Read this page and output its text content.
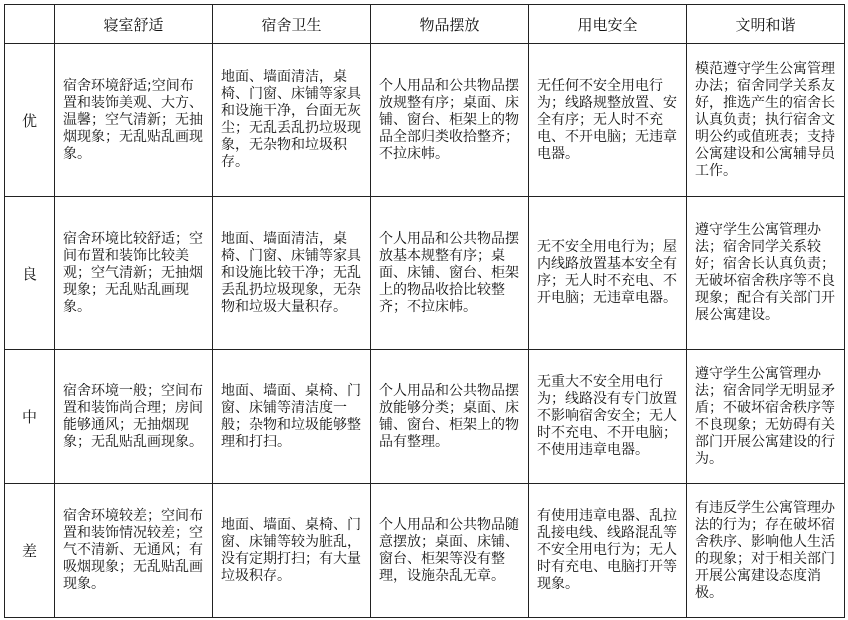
	寝室舒适	宿舍卫生	物品摆放	用电安全	文明和谐
优	宿舍环境舒适;空间布置和装饰美观、大方、温馨；空气清新；无抽烟现象；无乱贴乱画现象。	地面、墙面清洁，桌椅、门窗、床铺等家具和设施干净，台面无灰尘；无乱丢乱扔垃圾现象，无杂物和垃圾积存。	个人用品和公共物品摆放规整有序；桌面、床铺、窗台、柜架上的物品全部归类收拾整齐；不拉床帏。	无任何不安全用电行为；线路规整放置、安全有序；无人时不充电、不开电脑；无违章电器。	模范遵守学生公寓管理办法；宿舍同学关系友好，推选产生的宿舍长认真负责；执行宿舍文明公约或值班表；支持公寓建设和公寓辅导员工作。

良	宿舍环境比较舒适；空间布置和装饰比较美观；空气清新；无抽烟现象；无乱贴乱画现象。	地面、墙面清洁，桌椅、门窗、床铺等家具和设施比较干净；无乱丢乱扔垃圾现象，无杂物和垃圾大量积存。	个人用品和公共物品摆放基本规整有序；桌面、床铺、窗台、柜架上的物品收拾比较整齐；不拉床帏。	无不安全用电行为；屋内线路放置基本安全有序；无人时不充电、不开电脑；无违章电器。	遵守学生公寓管理办法；宿舍同学关系较好；宿舍长认真负责；无破坏宿舍秩序等不良现象；配合有关部门开展公寓建设。

中	宿舍环境一般；空间布置和装饰尚合理；房间能够通风；无抽烟现象；无乱贴乱画现象。	地面、墙面、桌椅、门窗、床铺等清洁度一般；杂物和垃圾能够整理和打扫。	个人用品和公共物品摆放能够分类；桌面、床铺、窗台、柜架上的物品有整理。	无重大不安全用电行为；线路没有专门放置不影响宿舍安全；无人时不充电、不开电脑；不使用违章电器。	遵守学生公寓管理办法；宿舍同学无明显矛盾；不破坏宿舍秩序等不良现象；无妨碍有关部门开展公寓建设的行为。

差	宿舍环境较差；空间布置和装饰情况较差；空气不清新、无通风；有吸烟现象；无乱贴乱画现象。	地面、墙面、桌椅、门窗、床铺等较为脏乱，没有定期打扫；有大量垃圾积存。	个人用品和公共物品随意摆放；桌面、床铺、窗台、柜架等没有整理，设施杂乱无章。	有使用违章电器、乱拉乱接电线、线路混乱等不安全用电行为；无人时有充电、电脑打开等现象。	有违反学生公寓管理办法的行为；存在破坏宿舍秩序、影响他人生活的现象；对于相关部门开展公寓建设态度消极。
